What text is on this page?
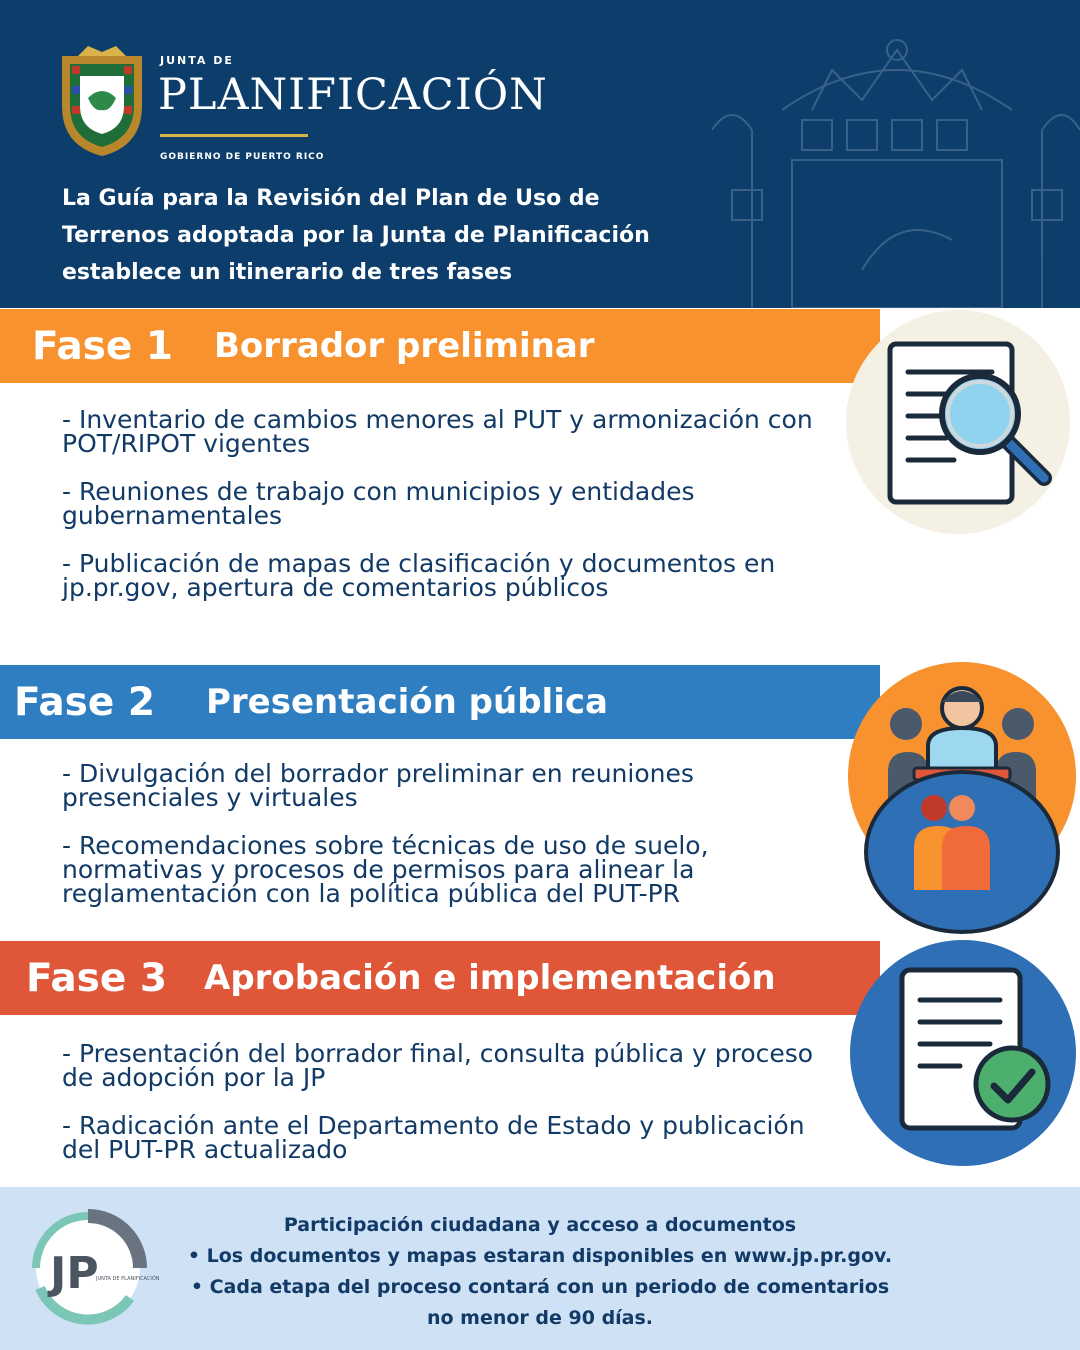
JUNTA DE
PLANIFICACIÓN
GOBIERNO DE PUERTO RICO

La Guía para la Revisión del Plan de Uso de
Terrenos adoptada por la Junta de Planificación
establece un itinerario de tres fases

Fase 1 Borrador preliminar
- Inventario de cambios menores al PUT y armonización con POT/RIPOT vigentes
- Reuniones de trabajo con municipios y entidades gubernamentales
- Publicación de mapas de clasificación y documentos en jp.pr.gov, apertura de comentarios públicos
Fase 2 Presentación pública
- Divulgación del borrador preliminar en reuniones presenciales y virtuales
- Recomendaciones sobre técnicas de uso de suelo, normativas y procesos de permisos para alinear la reglamentación con la política pública del PUT-PR
Fase 3 Aprobación e implementación
- Presentación del borrador final, consulta pública y proceso de adopción por la JP
- Radicación ante el Departamento de Estado y publicación del PUT-PR actualizado
JP
JUNTA DE PLANIFICACIÓN
Participación ciudadana y acceso a documentos
• Los documentos y mapas estaran disponibles en www.jp.pr.gov.
• Cada etapa del proceso contará con un periodo de comentarios
no menor de 90 días.
